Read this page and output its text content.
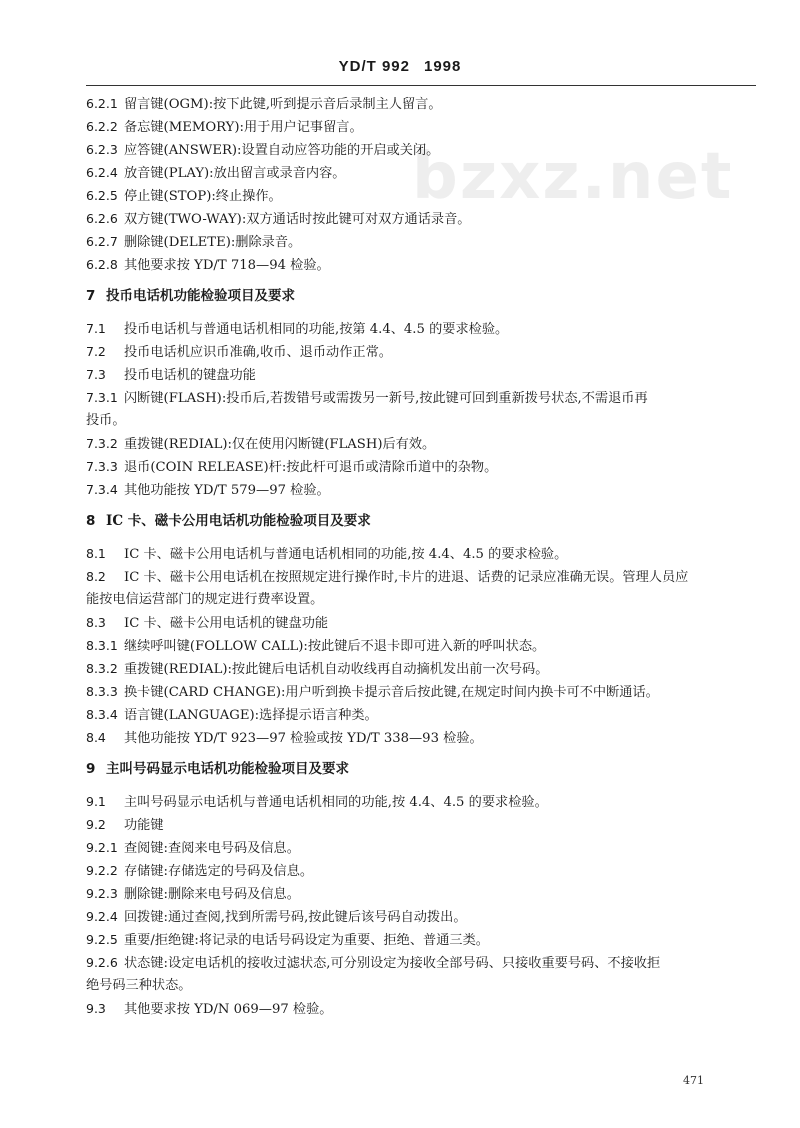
YD/T 992 1998
bzxz.net
6.2.1 留言键(OGM):按下此键,听到提示音后录制主人留言。
6.2.2 备忘键(MEMORY):用于用户记事留言。
6.2.3 应答键(ANSWER):设置自动应答功能的开启或关闭。
6.2.4 放音键(PLAY):放出留言或录音内容。
6.2.5 停止键(STOP):终止操作。
6.2.6 双方键(TWO-WAY):双方通话时按此键可对双方通话录音。
6.2.7 删除键(DELETE):删除录音。
6.2.8 其他要求按 YD/T 718—94 检验。
7 投币电话机功能检验项目及要求
7.1 投币电话机与普通电话机相同的功能,按第 4.4、4.5 的要求检验。
7.2 投币电话机应识币准确,收币、退币动作正常。
7.3 投币电话机的键盘功能
7.3.1 闪断键(FLASH):投币后,若拨错号或需拨另一新号,按此键可回到重新拨号状态,不需退币再
投币。
7.3.2 重拨键(REDIAL):仅在使用闪断键(FLASH)后有效。
7.3.3 退币(COIN RELEASE)杆:按此杆可退币或清除币道中的杂物。
7.3.4 其他功能按 YD/T 579—97 检验。
8 IC 卡、磁卡公用电话机功能检验项目及要求
8.1 IC 卡、磁卡公用电话机与普通电话机相同的功能,按 4.4、4.5 的要求检验。
8.2 IC 卡、磁卡公用电话机在按照规定进行操作时,卡片的进退、话费的记录应准确无误。管理人员应
能按电信运营部门的规定进行费率设置。
8.3 IC 卡、磁卡公用电话机的键盘功能
8.3.1 继续呼叫键(FOLLOW CALL):按此键后不退卡即可进入新的呼叫状态。
8.3.2 重拨键(REDIAL):按此键后电话机自动收线再自动摘机发出前一次号码。
8.3.3 换卡键(CARD CHANGE):用户听到换卡提示音后按此键,在规定时间内换卡可不中断通话。
8.3.4 语言键(LANGUAGE):选择提示语言种类。
8.4 其他功能按 YD/T 923—97 检验或按 YD/T 338—93 检验。
9 主叫号码显示电话机功能检验项目及要求
9.1 主叫号码显示电话机与普通电话机相同的功能,按 4.4、4.5 的要求检验。
9.2 功能键
9.2.1 查阅键:查阅来电号码及信息。
9.2.2 存储键:存储选定的号码及信息。
9.2.3 删除键:删除来电号码及信息。
9.2.4 回拨键:通过查阅,找到所需号码,按此键后该号码自动拨出。
9.2.5 重要/拒绝键:将记录的电话号码设定为重要、拒绝、普通三类。
9.2.6 状态键:设定电话机的接收过滤状态,可分别设定为接收全部号码、只接收重要号码、不接收拒
绝号码三种状态。
9.3 其他要求按 YD/N 069—97 检验。
471
